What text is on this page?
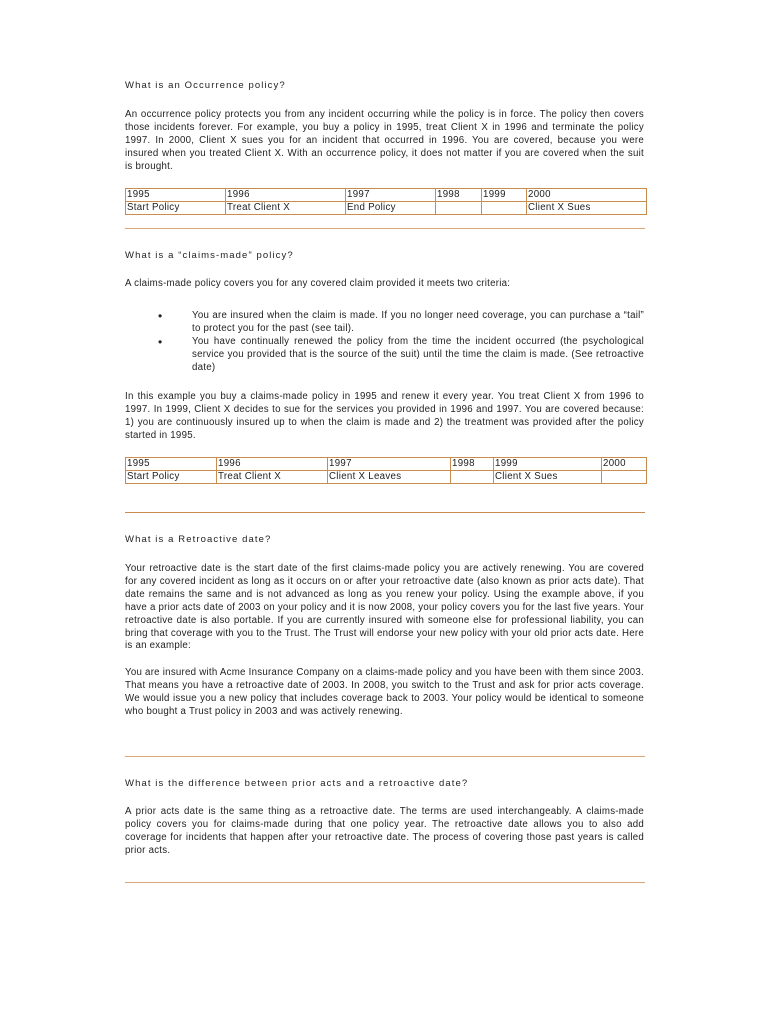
What is an Occurrence policy?
An occurrence policy protects you from any incident occurring while the policy is in force. The policy then covers those incidents forever. For example, you buy a policy in 1995, treat Client X in 1996 and terminate the policy 1997. In 2000, Client X sues you for an incident that occurred in 1996. You are covered, because you were insured when you treated Client X. With an occurrence policy, it does not matter if you are covered when the suit is brought.
1995	1996	1997	1998	1999	2000
Start Policy	Treat Client X	End Policy			Client X Sues
What is a “claims-made” policy?
A claims-made policy covers you for any covered claim provided it meets two criteria:
•	You are insured when the claim is made. If you no longer need coverage, you can purchase a “tail” to protect you for the past (see tail).
•	You have continually renewed the policy from the time the incident occurred (the psychological service you provided that is the source of the suit) until the time the claim is made. (See retroactive date)
In this example you buy a claims-made policy in 1995 and renew it every year. You treat Client X from 1996 to 1997. In 1999, Client X decides to sue for the services you provided in 1996 and 1997. You are covered because: 1) you are continuously insured up to when the claim is made and 2) the treatment was provided after the policy started in 1995.
1995	1996	1997	1998	1999	2000
Start Policy	Treat Client X	Client X Leaves		Client X Sues	
What is a Retroactive date?
Your retroactive date is the start date of the first claims-made policy you are actively renewing. You are covered for any covered incident as long as it occurs on or after your retroactive date (also known as prior acts date). That date remains the same and is not advanced as long as you renew your policy. Using the example above, if you have a prior acts date of 2003 on your policy and it is now 2008, your policy covers you for the last five years. Your retroactive date is also portable. If you are currently insured with someone else for professional liability, you can bring that coverage with you to the Trust. The Trust will endorse your new policy with your old prior acts date. Here is an example:
You are insured with Acme Insurance Company on a claims-made policy and you have been with them since 2003. That means you have a retroactive date of 2003. In 2008, you switch to the Trust and ask for prior acts coverage. We would issue you a new policy that includes coverage back to 2003. Your policy would be identical to someone who bought a Trust policy in 2003 and was actively renewing.
What is the difference between prior acts and a retroactive date?
A prior acts date is the same thing as a retroactive date. The terms are used interchangeably. A claims-made policy covers you for claims-made during that one policy year. The retroactive date allows you to also add coverage for incidents that happen after your retroactive date. The process of covering those past years is called prior acts.
